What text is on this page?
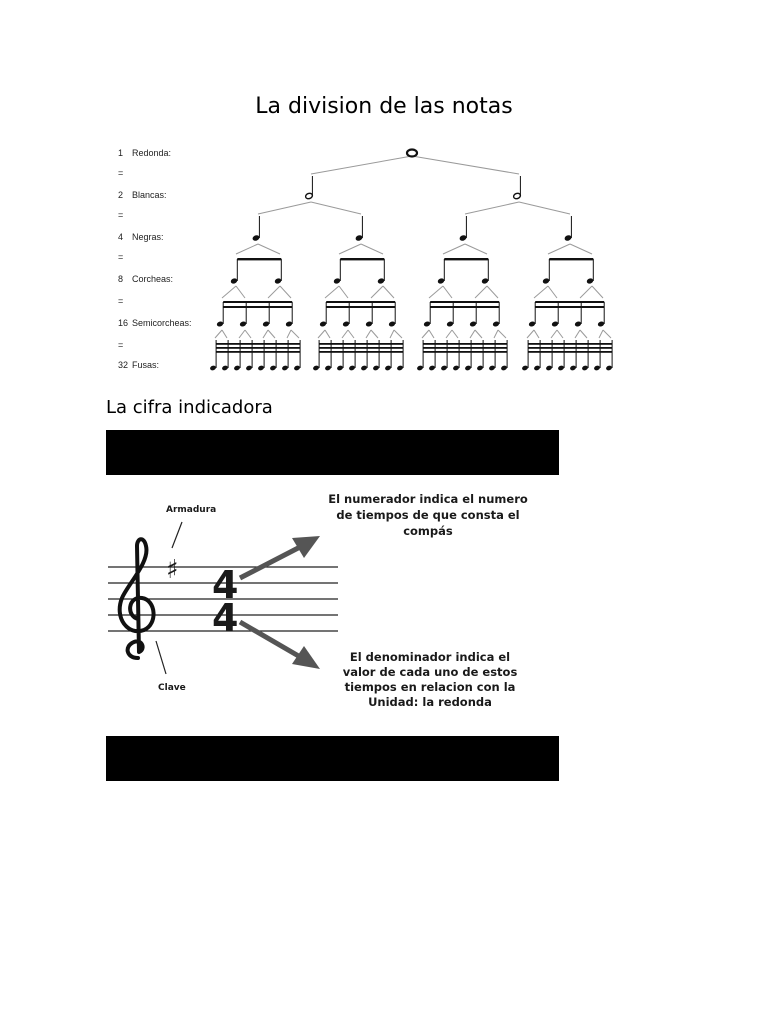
La division de las notas
1 Redonda:
2 Blancas:
4 Negras:
8 Corcheas:
16 Semicorcheas:
32 Fusas:
=
=
=
=
=
La cifra indicadora
♯
Armadura
Clave
4
4
El numerador indica el numero
de tiempos de que consta el
compás
El denominador indica el
valor de cada uno de estos
tiempos en relacion con la
Unidad: la redonda
